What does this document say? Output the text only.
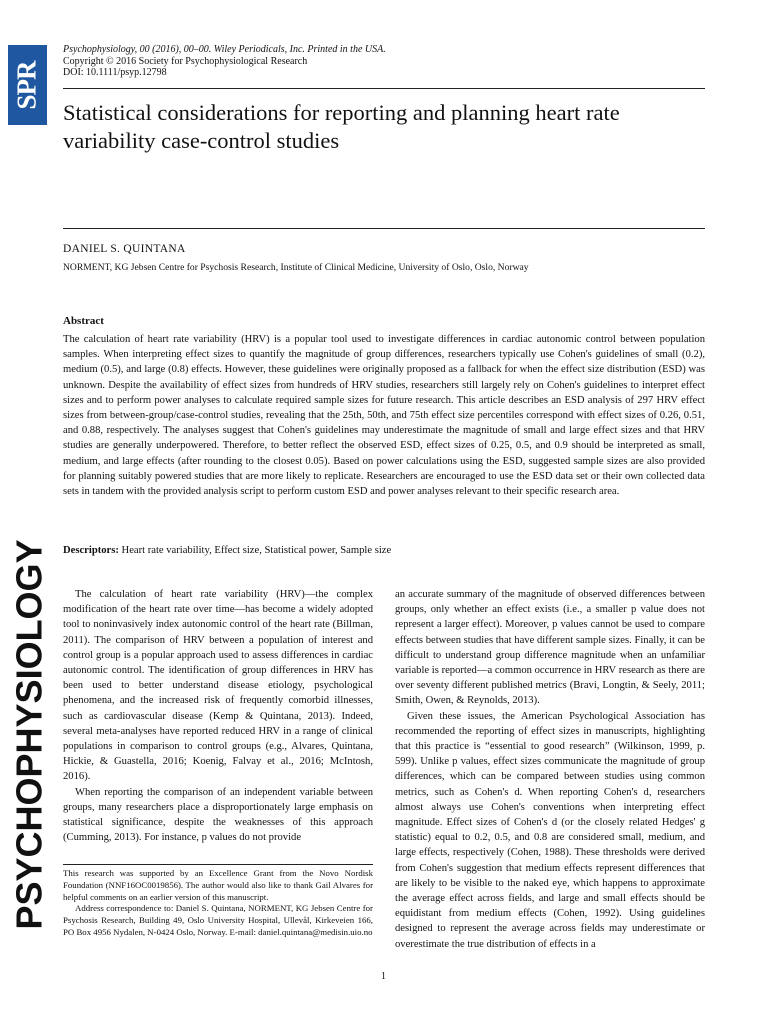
SPR
PSYCHOPHYSIOLOGY
Psychophysiology, 00 (2016), 00–00. Wiley Periodicals, Inc. Printed in the USA.
Copyright © 2016 Society for Psychophysiological Research
DOI: 10.1111/psyp.12798
Statistical considerations for reporting and planning heart rate variability case-control studies
DANIEL S. QUINTANA
NORMENT, KG Jebsen Centre for Psychosis Research, Institute of Clinical Medicine, University of Oslo, Oslo, Norway
Abstract
The calculation of heart rate variability (HRV) is a popular tool used to investigate differences in cardiac autonomic control between population samples. When interpreting effect sizes to quantify the magnitude of group differences, researchers typically use Cohen's guidelines of small (0.2), medium (0.5), and large (0.8) effects. However, these guidelines were originally proposed as a fallback for when the effect size distribution (ESD) was unknown. Despite the availability of effect sizes from hundreds of HRV studies, researchers still largely rely on Cohen's guidelines to interpret effect sizes and to perform power analyses to calculate required sample sizes for future research. This article describes an ESD analysis of 297 HRV effect sizes from between-group/case-control studies, revealing that the 25th, 50th, and 75th effect size percentiles correspond with effect sizes of 0.26, 0.51, and 0.88, respectively. The analyses suggest that Cohen's guidelines may underestimate the magnitude of small and large effect sizes and that HRV studies are generally underpowered. Therefore, to better reflect the observed ESD, effect sizes of 0.25, 0.5, and 0.9 should be interpreted as small, medium, and large effects (after rounding to the closest 0.05). Based on power calculations using the ESD, suggested sample sizes are also provided for planning suitably powered studies that are more likely to replicate. Researchers are encouraged to use the ESD data set or their own collected data sets in tandem with the provided analysis script to perform custom ESD and power analyses relevant to their specific research area.
Descriptors: Heart rate variability, Effect size, Statistical power, Sample size

The calculation of heart rate variability (HRV)—the complex modification of the heart rate over time—has become a widely adopted tool to noninvasively index autonomic control of the heart rate (Billman, 2011). The comparison of HRV between a population of interest and control group is a popular approach used to assess differences in cardiac autonomic control. The identification of group differences in HRV has been used to better understand disease etiology, psychological phenomena, and the increased risk of frequently comorbid illnesses, such as cardiovascular disease (Kemp & Quintana, 2013). Indeed, several meta-analyses have reported reduced HRV in a range of clinical populations in comparison to control groups (e.g., Alvares, Quintana, Hickie, & Guastella, 2016; Koenig, Falvay et al., 2016; McIntosh, 2016).

When reporting the comparison of an independent variable between groups, many researchers place a disproportionately large emphasis on statistical significance, despite the weaknesses of this approach (Cumming, 2013). For instance, p values do not provide

an accurate summary of the magnitude of observed differences between groups, only whether an effect exists (i.e., a smaller p value does not represent a larger effect). Moreover, p values cannot be used to compare effects between studies that have different sample sizes. Finally, it can be difficult to understand group difference magnitude when an unfamiliar variable is reported—a common occurrence in HRV research as there are over seventy different published metrics (Bravi, Longtin, & Seely, 2011; Smith, Owen, & Reynolds, 2013).

Given these issues, the American Psychological Association has recommended the reporting of effect sizes in manuscripts, highlighting that this practice is “essential to good research” (Wilkinson, 1999, p. 599). Unlike p values, effect sizes communicate the magnitude of group differences, which can be compared between studies using common metrics, such as Cohen's d. When reporting Cohen's d, researchers almost always use Cohen's conventions when interpreting effect magnitude. Effect sizes of Cohen's d (or the closely related Hedges' g statistic) equal to 0.2, 0.5, and 0.8 are considered small, medium, and large effects, respectively (Cohen, 1988). These thresholds were derived from Cohen's suggestion that medium effects represent differences that are likely to be visible to the naked eye, which happens to approximate the average effect across fields, and large and small effects should be equidistant from medium effects (Cohen, 1992). Using guidelines designed to represent the average across fields may underestimate or overestimate the true distribution of effects in a

This research was supported by an Excellence Grant from the Novo Nordisk Foundation (NNF16OC0019856). The author would also like to thank Gail Alvares for helpful comments on an earlier version of this manuscript.

Address correspondence to: Daniel S. Quintana, NORMENT, KG Jebsen Centre for Psychosis Research, Building 49, Oslo University Hospital, Ullevål, Kirkeveien 166, PO Box 4956 Nydalen, N-0424 Oslo, Norway. E-mail: daniel.quintana@medisin.uio.no

1
